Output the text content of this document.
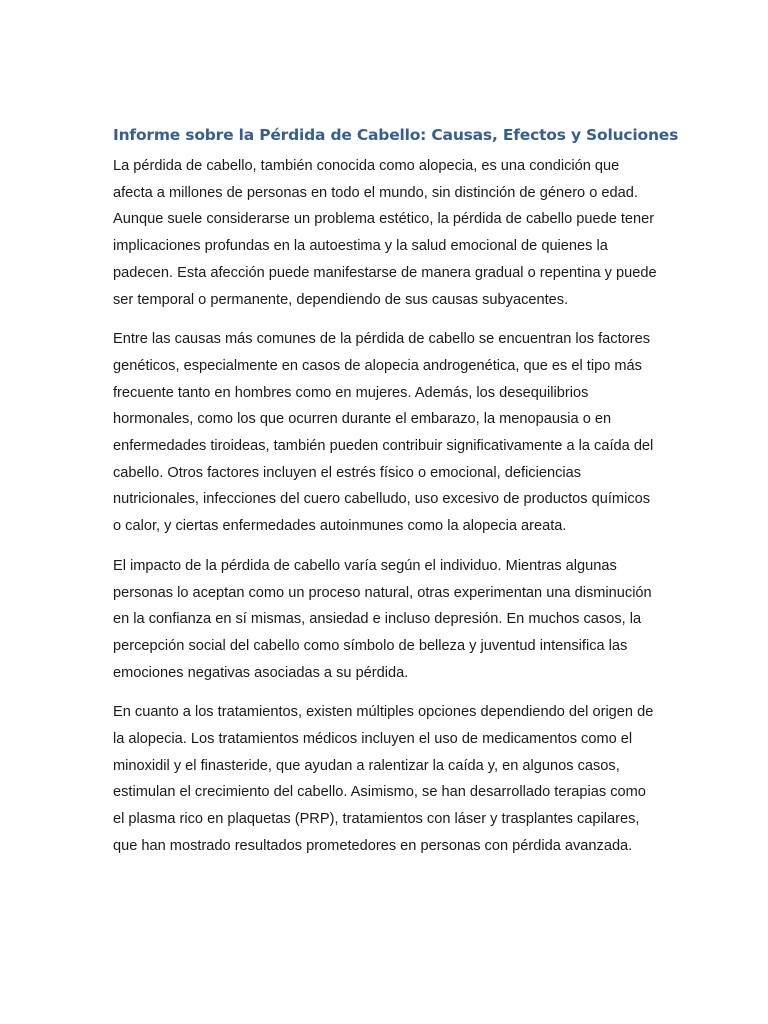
Informe sobre la Pérdida de Cabello: Causas, Efectos y Soluciones

La pérdida de cabello, también conocida como alopecia, es una condición que afecta a millones de personas en todo el mundo, sin distinción de género o edad. Aunque suele considerarse un problema estético, la pérdida de cabello puede tener implicaciones profundas en la autoestima y la salud emocional de quienes la padecen. Esta afección puede manifestarse de manera gradual o repentina y puede ser temporal o permanente, dependiendo de sus causas subyacentes.

Entre las causas más comunes de la pérdida de cabello se encuentran los factores genéticos, especialmente en casos de alopecia androgenética, que es el tipo más frecuente tanto en hombres como en mujeres. Además, los desequilibrios hormonales, como los que ocurren durante el embarazo, la menopausia o en enfermedades tiroideas, también pueden contribuir significativamente a la caída del cabello. Otros factores incluyen el estrés físico o emocional, deficiencias nutricionales, infecciones del cuero cabelludo, uso excesivo de productos químicos o calor, y ciertas enfermedades autoinmunes como la alopecia areata.

El impacto de la pérdida de cabello varía según el individuo. Mientras algunas personas lo aceptan como un proceso natural, otras experimentan una disminución en la confianza en sí mismas, ansiedad e incluso depresión. En muchos casos, la percepción social del cabello como símbolo de belleza y juventud intensifica las emociones negativas asociadas a su pérdida.

En cuanto a los tratamientos, existen múltiples opciones dependiendo del origen de la alopecia. Los tratamientos médicos incluyen el uso de medicamentos como el minoxidil y el finasteride, que ayudan a ralentizar la caída y, en algunos casos, estimulan el crecimiento del cabello. Asimismo, se han desarrollado terapias como el plasma rico en plaquetas (PRP), tratamientos con láser y trasplantes capilares, que han mostrado resultados prometedores en personas con pérdida avanzada.
